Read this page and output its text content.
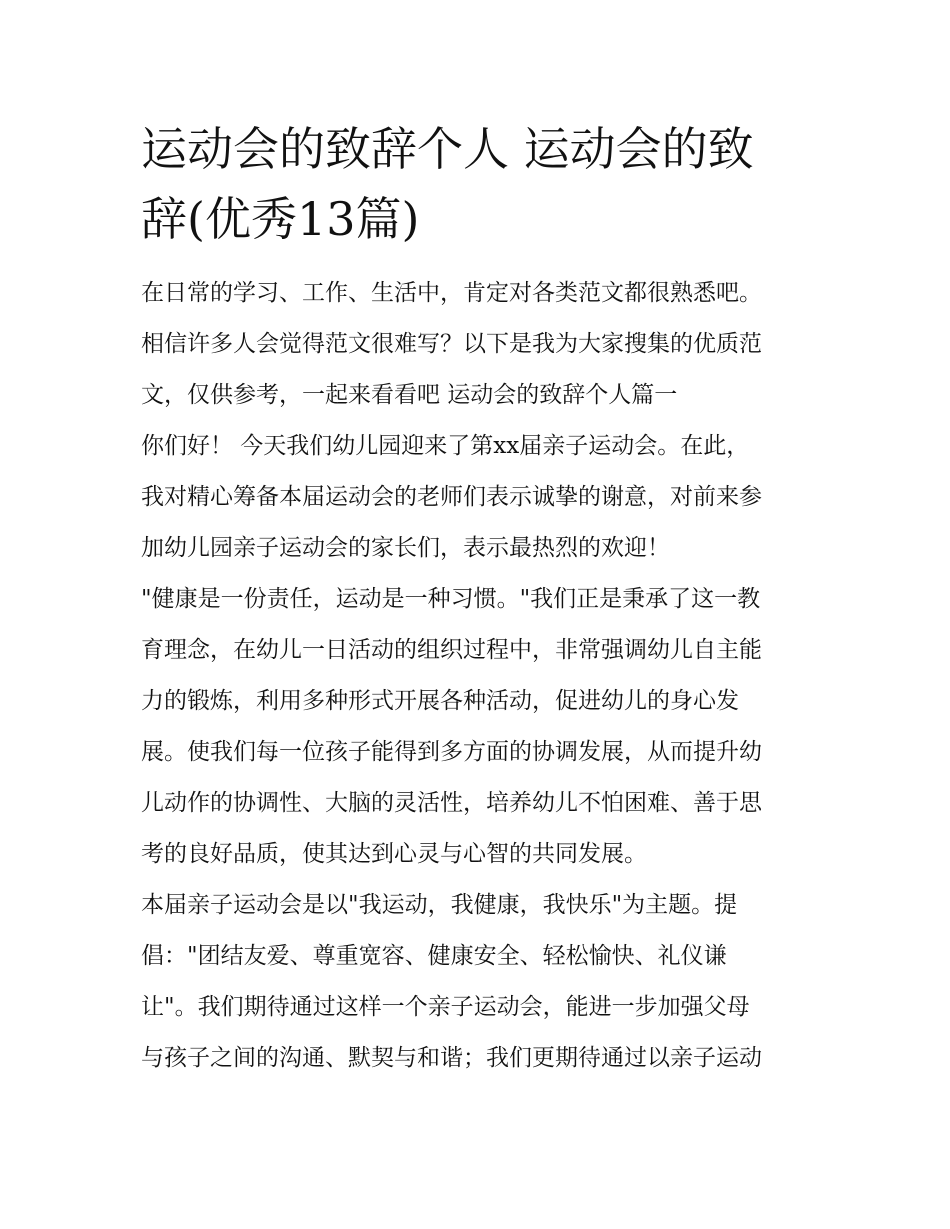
运动会的致辞个人 运动会的致
辞(优秀13篇)
在日常的学习、工作、生活中，肯定对各类范文都很熟悉吧。
相信许多人会觉得范文很难写？以下是我为大家搜集的优质范
文，仅供参考，一起来看看吧 运动会的致辞个人篇一
你们好！ 今天我们幼儿园迎来了第xx届亲子运动会。在此，
我对精心筹备本届运动会的老师们表示诚挚的谢意，对前来参
加幼儿园亲子运动会的家长们，表示最热烈的欢迎！
"健康是一份责任，运动是一种习惯。"我们正是秉承了这一教
育理念，在幼儿一日活动的组织过程中，非常强调幼儿自主能
力的锻炼，利用多种形式开展各种活动，促进幼儿的身心发
展。使我们每一位孩子能得到多方面的协调发展，从而提升幼
儿动作的协调性、大脑的灵活性，培养幼儿不怕困难、善于思
考的良好品质，使其达到心灵与心智的共同发展。
本届亲子运动会是以"我运动，我健康，我快乐"为主题。提
倡："团结友爱、尊重宽容、健康安全、轻松愉快、礼仪谦
让"。我们期待通过这样一个亲子运动会，能进一步加强父母
与孩子之间的沟通、默契与和谐；我们更期待通过以亲子运动
